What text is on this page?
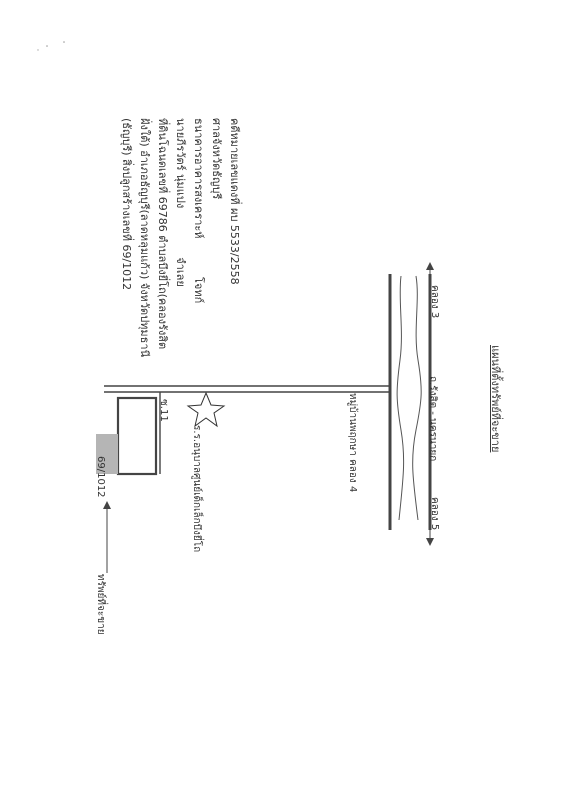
แผนที่ตั้งทรัพย์ที่จะขาย
คลอง 3
คลอง 5
ถ.รังสิต - นครนายก
หมู่บ้านพฤกษา คลอง 4
ซ.11
ร.ร.อนุบาลศูนย์เด็กเล็กบึงยี่โถ
69/1012
ทรัพย์ที่จะขาย
คดีหมายเลขแดงที่ ผบ 5533/2558
ศาลจังหวัดธัญบุรี
ธนาคารอาคารสงเคราะห์           โจทก์
นายภีรวัตร์ นุ่มแปง              จำเลย
ที่ดินโฉนดเลขที่ 69786 ตำบลบึงยี่โถ(คลองรังสิต
ฝั่งใต้) อำเภอธัญบุรี(ลาดหลุมแก้ว) จังหวัดปทุมธานี
(ธัญบุรี) สิ่งปลูกสร้างเลขที่ 69/1012
